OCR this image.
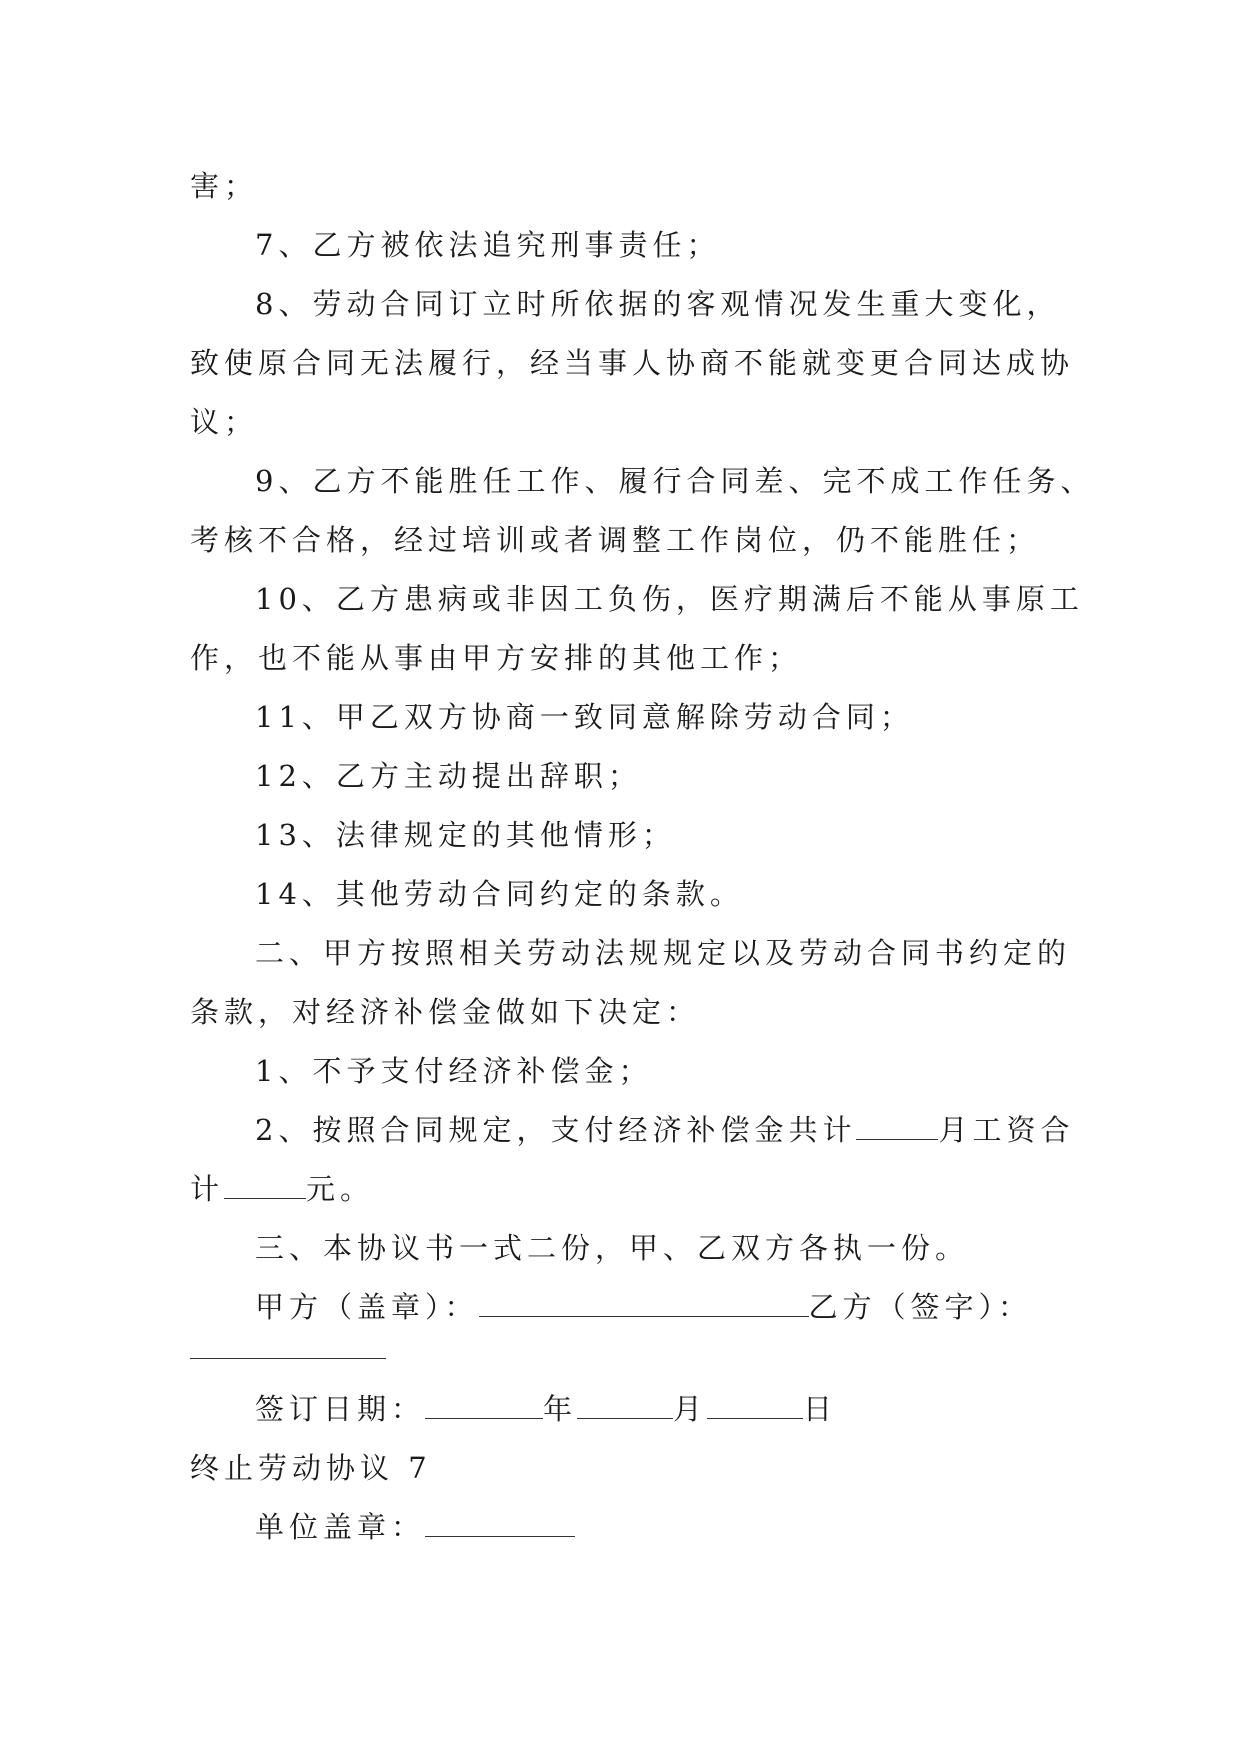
害；
7、乙方被依法追究刑事责任；
8、劳动合同订立时所依据的客观情况发生重大变化，
致使原合同无法履行，经当事人协商不能就变更合同达成协
议；
9、乙方不能胜任工作、履行合同差、完不成工作任务、
考核不合格，经过培训或者调整工作岗位，仍不能胜任；
10、乙方患病或非因工负伤，医疗期满后不能从事原工
作，也不能从事由甲方安排的其他工作；
11、甲乙双方协商一致同意解除劳动合同；
12、乙方主动提出辞职；
13、法律规定的其他情形；
14、其他劳动合同约定的条款。
二、甲方按照相关劳动法规规定以及劳动合同书约定的
条款，对经济补偿金做如下决定：
1、不予支付经济补偿金；
2、按照合同规定，支付经济补偿金共计	月工资合
计	元。
三、本协议书一式二份，甲、乙双方各执一份。
甲方（盖章）：	乙方（签字）：
签订日期：	年	月	日
终止劳动协议 7
单位盖章：
